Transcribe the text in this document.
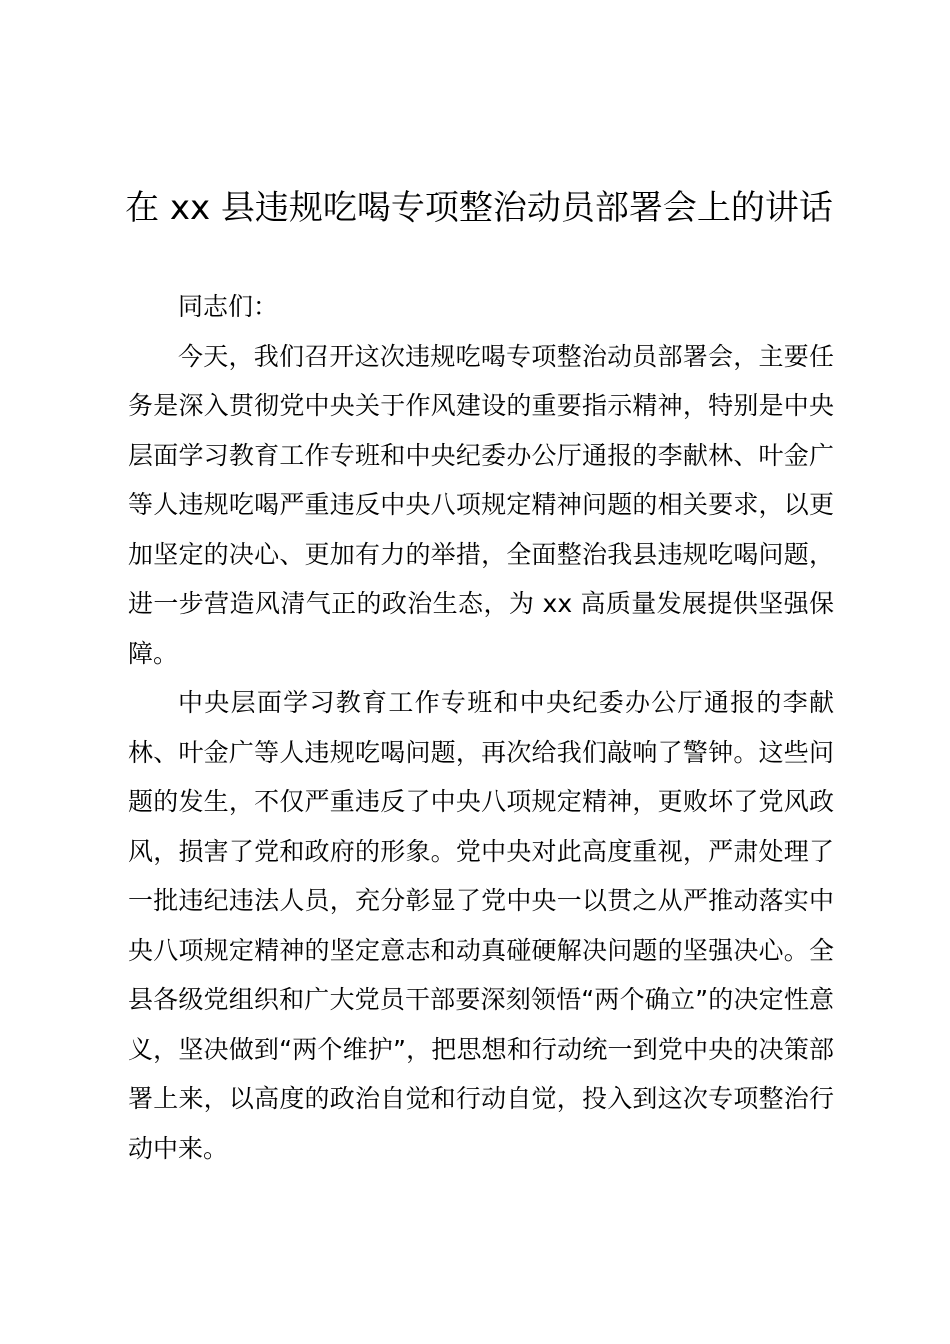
在 xx 县违规吃喝专项整治动员部署会上的讲话

同志们：

今天，我们召开这次违规吃喝专项整治动员部署会，主要任务是深入贯彻党中央关于作风建设的重要指示精神，特别是中央层面学习教育工作专班和中央纪委办公厅通报的李献林、叶金广等人违规吃喝严重违反中央八项规定精神问题的相关要求，以更加坚定的决心、更加有力的举措，全面整治我县违规吃喝问题，进一步营造风清气正的政治生态，为 xx 高质量发展提供坚强保障。

中央层面学习教育工作专班和中央纪委办公厅通报的李献林、叶金广等人违规吃喝问题，再次给我们敲响了警钟。这些问题的发生，不仅严重违反了中央八项规定精神，更败坏了党风政风，损害了党和政府的形象。党中央对此高度重视，严肃处理了一批违纪违法人员，充分彰显了党中央一以贯之从严推动落实中央八项规定精神的坚定意志和动真碰硬解决问题的坚强决心。全县各级党组织和广大党员干部要深刻领悟“两个确立”的决定性意义，坚决做到“两个维护”，把思想和行动统一到党中央的决策部署上来，以高度的政治自觉和行动自觉，投入到这次专项整治行动中来。
